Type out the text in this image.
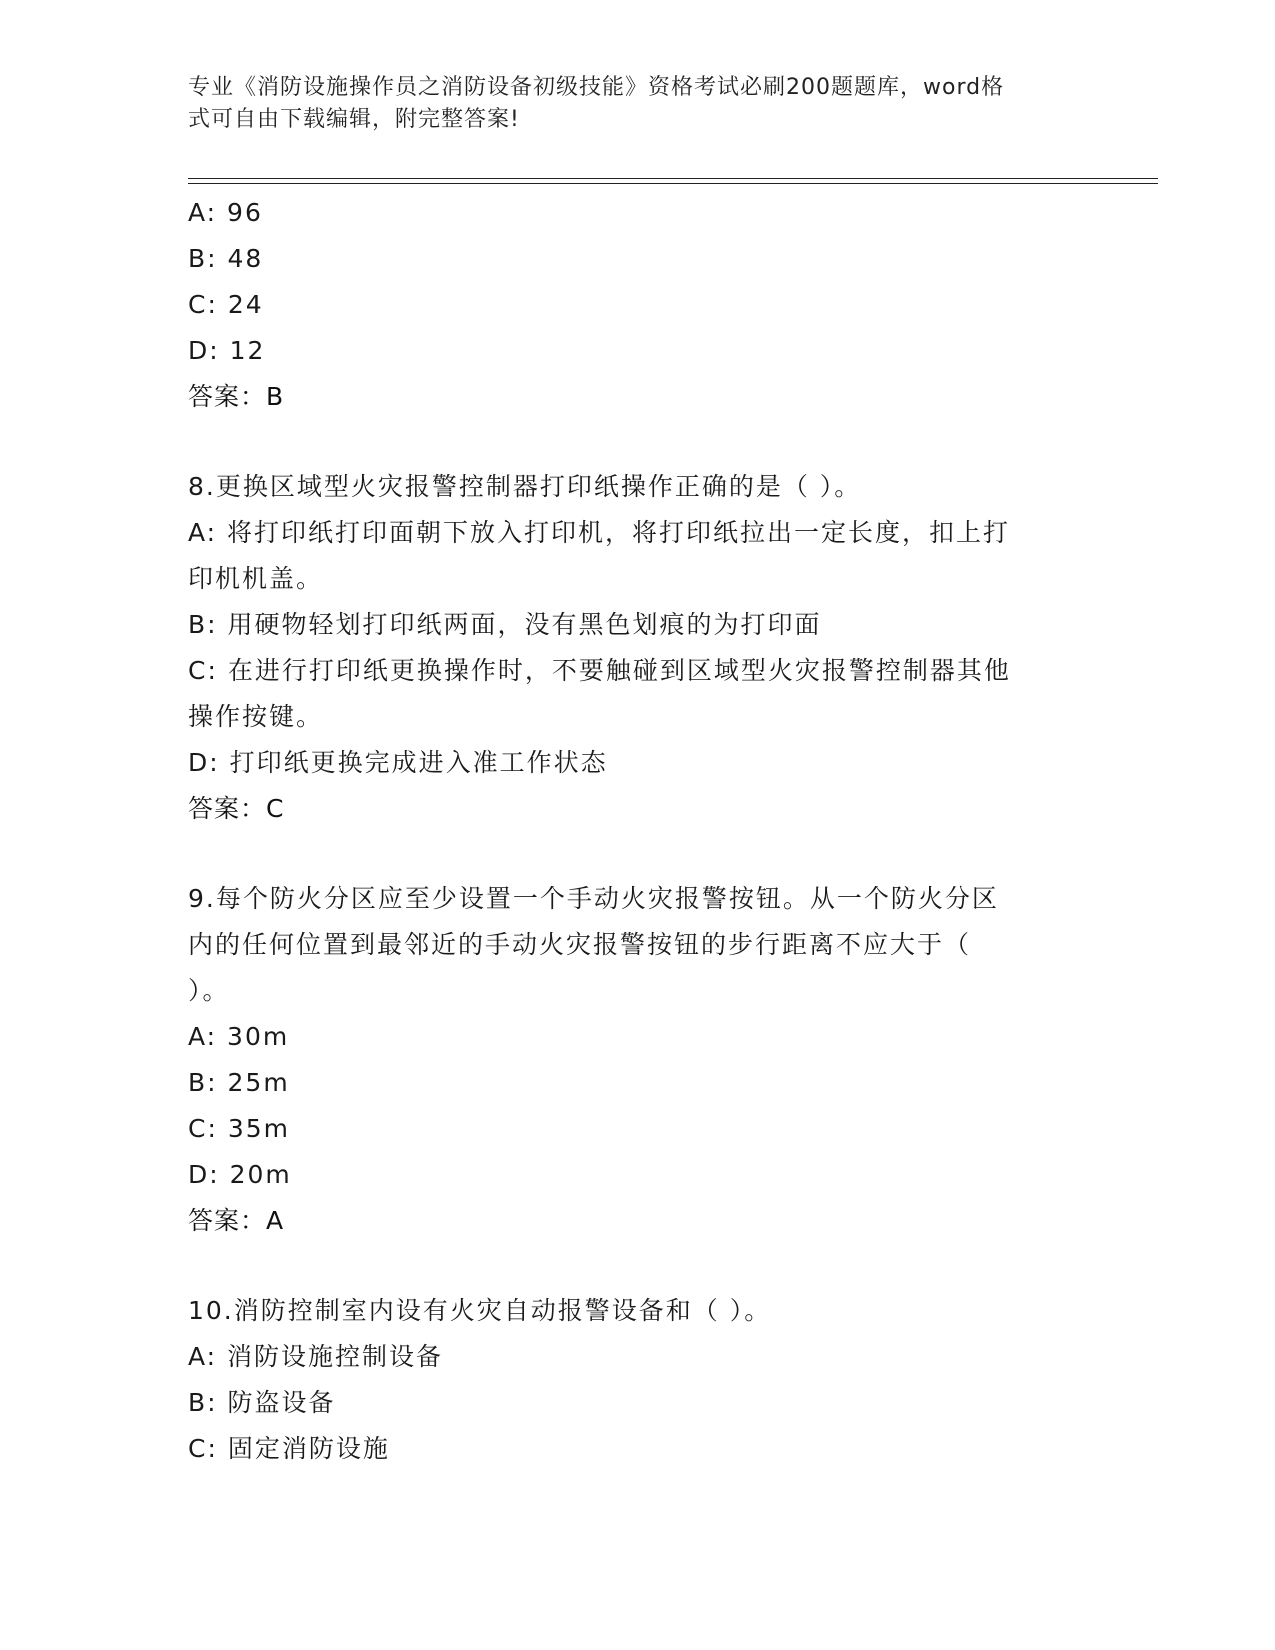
专业《消防设施操作员之消防设备初级技能》资格考试必刷200题题库，word格
式可自由下载编辑，附完整答案!
A: 96
B: 48
C: 24
D: 12
答案：B
8.更换区域型火灾报警控制器打印纸操作正确的是（ ）。
A: 将打印纸打印面朝下放入打印机，将打印纸拉出一定长度，扣上打
印机机盖。
B: 用硬物轻划打印纸两面，没有黑色划痕的为打印面
C: 在进行打印纸更换操作时，不要触碰到区域型火灾报警控制器其他
操作按键。
D: 打印纸更换完成进入准工作状态
答案：C
9.每个防火分区应至少设置一个手动火灾报警按钮。从一个防火分区
内的任何位置到最邻近的手动火灾报警按钮的步行距离不应大于（
）。
A: 30m
B: 25m
C: 35m
D: 20m
答案：A
10.消防控制室内设有火灾自动报警设备和（ ）。
A: 消防设施控制设备
B: 防盗设备
C: 固定消防设施
